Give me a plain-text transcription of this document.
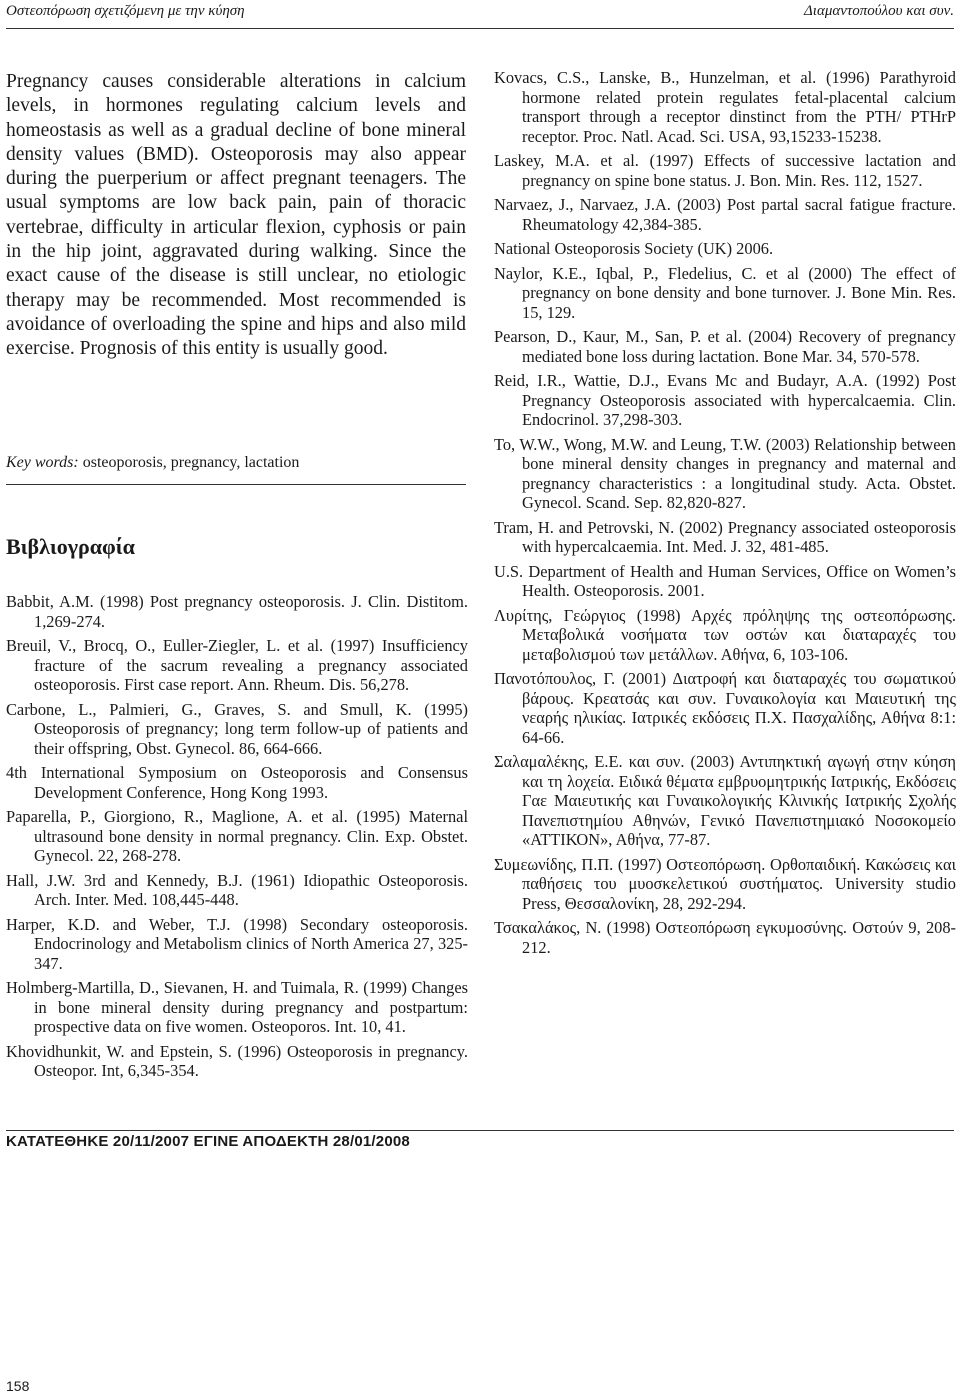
Οστεοπόρωση σχετιζόμενη με την κύηση	Διαμαντοπούλου και συν.

Pregnancy causes considerable alterations in calcium levels, in hormones regulating calcium levels and homeostasis as well as a gradual decline of bone mineral density values (BMD). Osteoporosis may also appear during the puerperium or affect pregnant teenagers. The usual symptoms are low back pain, pain of thoracic vertebrae, difficulty in articular flexion, cyphosis or pain in the hip joint, aggravated during walking. Since the exact cause of the disease is still unclear, no etiologic therapy may be recommended. Most recommended is avoidance of overloading the spine and hips and also mild exercise. Prognosis of this entity is usually good.

Key words: osteoporosis, pregnancy, lactation
Βιβλιογραφία
Babbit, A.M. (1998) Post pregnancy osteoporosis. J. Clin. Distitom. 1,269-274.
Breuil, V., Brocq, O., Euller-Ziegler, L. et al. (1997) Insufficiency fracture of the sacrum revealing a pregnancy associated osteoporosis. First case report. Ann. Rheum. Dis. 56,278.
Carbone, L., Palmieri, G., Graves, S. and Smull, K. (1995) Osteoporosis of pregnancy; long term follow-up of patients and their offspring, Obst. Gynecol. 86, 664-666.
4th International Symposium on Osteoporosis and Consensus Development Conference, Hong Kong 1993.
Paparella, P., Giorgiono, R., Maglione, A. et al. (1995) Maternal ultrasound bone density in normal pregnancy. Clin. Exp. Obstet. Gynecol. 22, 268-278.
Hall, J.W. 3rd and Kennedy, B.J. (1961) Idiopathic Osteoporosis. Arch. Inter. Med. 108,445-448.
Harper, K.D. and Weber, T.J. (1998) Secondary osteoporosis. Endocrinology and Metabolism clinics of North America 27, 325-347.
Holmberg-Martilla, D., Sievanen, H. and Tuimala, R. (1999) Changes in bone mineral density during pregnancy and postpartum: prospective data on five women. Osteoporos. Int. 10, 41.
Khovidhunkit, W. and Epstein, S. (1996) Osteoporosis in pregnancy. Osteopor. Int, 6,345-354.
Kovacs, C.S., Lanske, B., Hunzelman, et al. (1996) Parathyroid hormone related protein regulates fetal-placental calcium transport through a receptor dinstinct from the PTH/ PTHrP receptor. Proc. Natl. Acad. Sci. USA, 93,15233-15238.
Laskey, M.A. et al. (1997) Effects of successive lactation and pregnancy on spine bone status. J. Bon. Min. Res. 112, 1527.
Narvaez, J., Narvaez, J.A. (2003) Post partal sacral fatigue fracture. Rheumatology 42,384-385.
National Osteoporosis Society (UK) 2006.
Naylor, K.E., Iqbal, P., Fledelius, C. et al (2000) The effect of pregnancy on bone density and bone turnover. J. Bone Min. Res. 15, 129.
Pearson, D., Kaur, M., San, P. et al. (2004) Recovery of pregnancy mediated bone loss during lactation. Bone Mar. 34, 570-578.
Reid, I.R., Wattie, D.J., Evans Mc and Budayr, A.A. (1992) Post Pregnancy Osteoporosis associated with hypercalcaemia. Clin. Endocrinol. 37,298-303.
To, W.W., Wong, M.W. and Leung, T.W. (2003) Relationship between bone mineral density changes in pregnancy and maternal and pregnancy characteristics : a longitudinal study. Acta. Obstet. Gynecol. Scand. Sep. 82,820-827.
Tram, H. and Petrovski, N. (2002) Pregnancy associated osteoporosis with hypercalcaemia. Int. Med. J. 32, 481-485.
U.S. Department of Health and Human Services, Office on Women’s Health. Osteoporosis. 2001.
Λυρίτης, Γεώργιος (1998) Αρχές πρόληψης της οστεοπόρωσης. Μεταβολικά νοσήματα των οστών και διαταραχές του μεταβολισμού των μετάλλων. Αθήνα, 6, 103-106.
Πανοτόπουλος, Γ. (2001) Διατροφή και διαταραχές του σωματικού βάρους. Κρεατσάς και συν. Γυναικολογία και Μαιευτική της νεαρής ηλικίας. Ιατρικές εκδόσεις Π.Χ. Πασχαλίδης, Αθήνα 8:1: 64-66.
Σαλαμαλέκης, Ε.Ε. και συν. (2003) Αντιπηκτική αγωγή στην κύηση και τη λοχεία. Ειδικά θέματα εμβρυομητρικής Ιατρικής, Εκδόσεις Γαε Μαιευτικής και Γυναικολογικής Κλινικής Ιατρικής Σχολής Πανεπιστημίου Αθηνών, Γενικό Πανεπιστημιακό Νοσοκομείο «ΑΤΤΙΚΟΝ», Αθήνα, 77-87.
Συμεωνίδης, Π.Π. (1997) Οστεοπόρωση. Ορθοπαιδική. Κακώσεις και παθήσεις του μυοσκελετικού συστήματος. University studio Press, Θεσσαλονίκη, 28, 292-294.
Τσακαλάκος, Ν. (1998) Οστεοπόρωση εγκυμοσύνης. Οστούν 9, 208-212.
ΚΑΤΑΤΕΘΗΚΕ 20/11/2007 ΕΓΙΝΕ ΑΠΟΔΕΚΤΗ 28/01/2008
158
